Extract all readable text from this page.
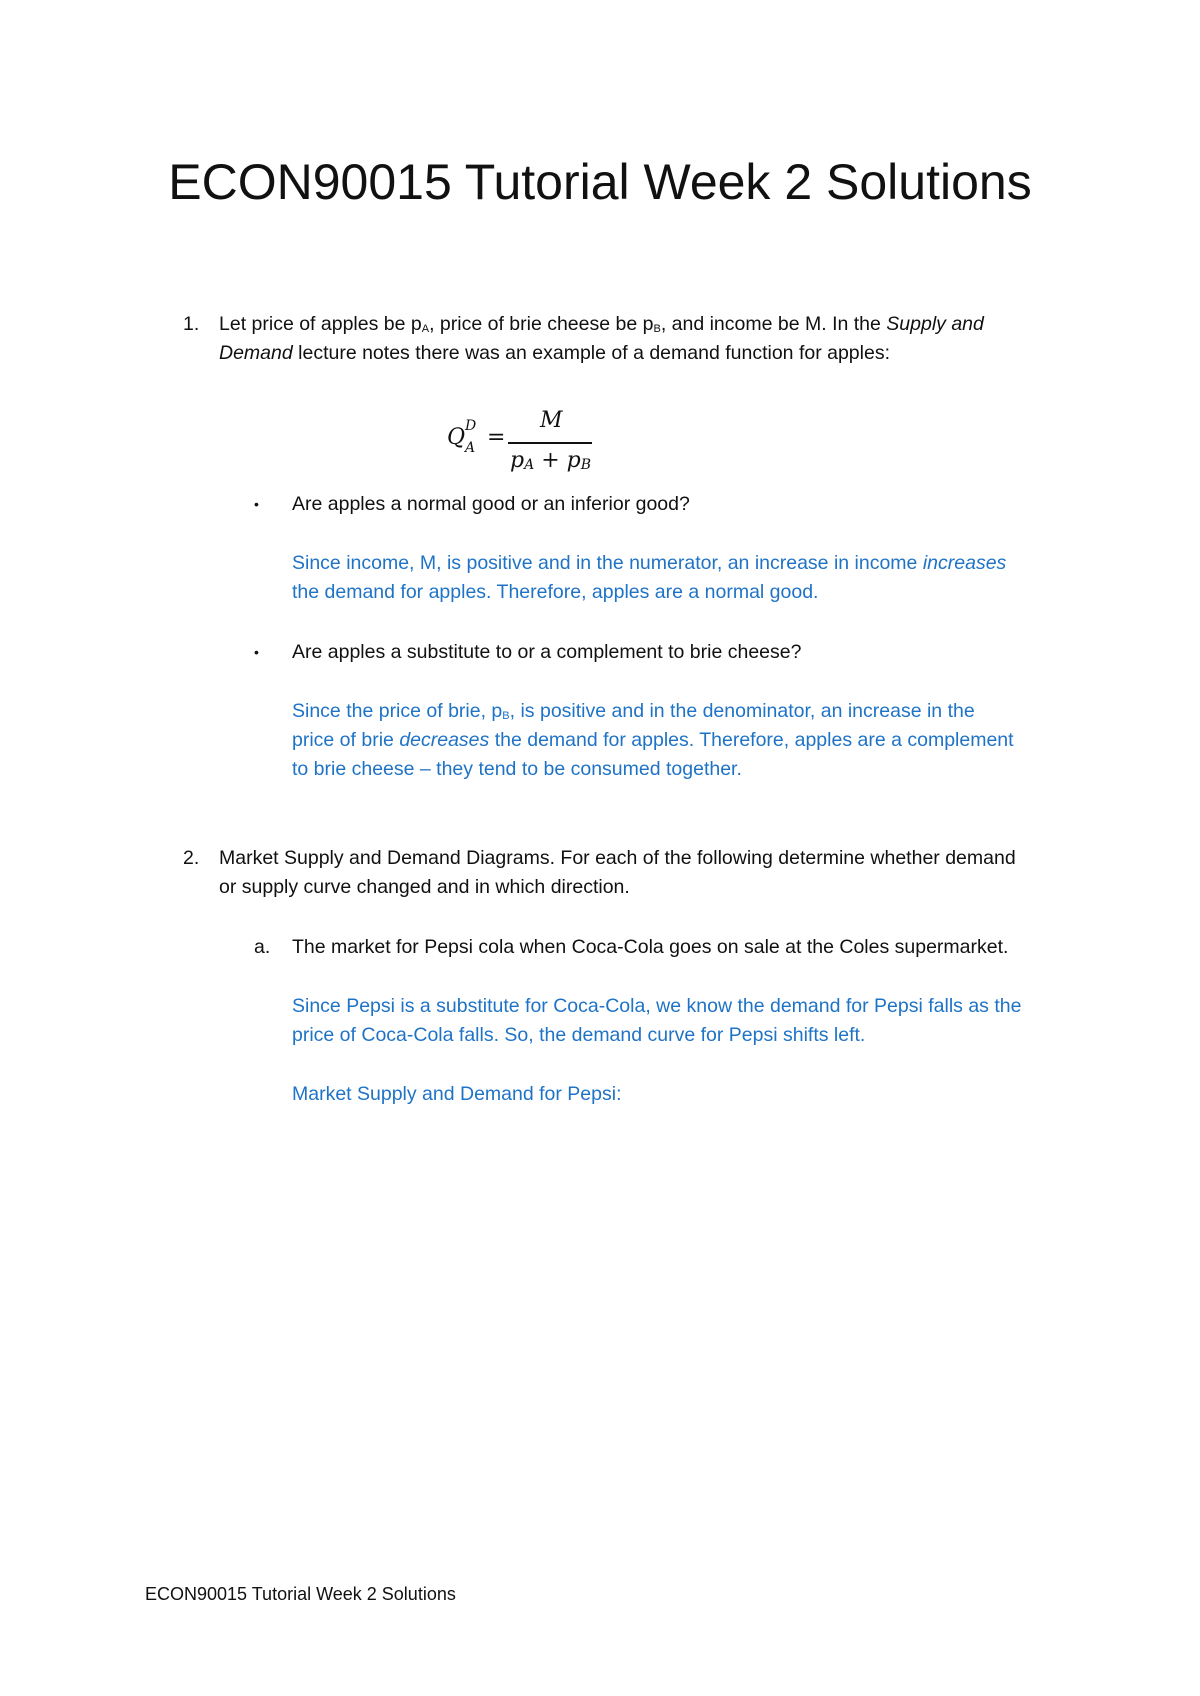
ECON90015 Tutorial Week 2 Solutions
1.	Let price of apples be $p_A$, price of brie cheese be $p_B$, and income be M. In the Supply and
Demand lecture notes there was an example of a demand function for apples:
Q D
A =
M
$p_A + p_B$
• Are apples a normal good or an inferior good?
Since income, M, is positive and in the numerator, an increase in income increases
the demand for apples. Therefore, apples are a normal good.
• Are apples a substitute to or a complement to brie cheese?
Since the price of brie, $p_B$, is positive and in the denominator, an increase in the
price of brie decreases the demand for apples. Therefore, apples are a complement
to brie cheese – they tend to be consumed together.
2.	Market Supply and Demand Diagrams. For each of the following determine whether demand
or supply curve changed and in which direction.
a. The market for Pepsi cola when Coca-Cola goes on sale at the Coles supermarket.
Since Pepsi is a substitute for Coca-Cola, we know the demand for Pepsi falls as the
price of Coca-Cola falls. So, the demand curve for Pepsi shifts left.
Market Supply and Demand for Pepsi:
ECON90015 Tutorial Week 2 Solutions
